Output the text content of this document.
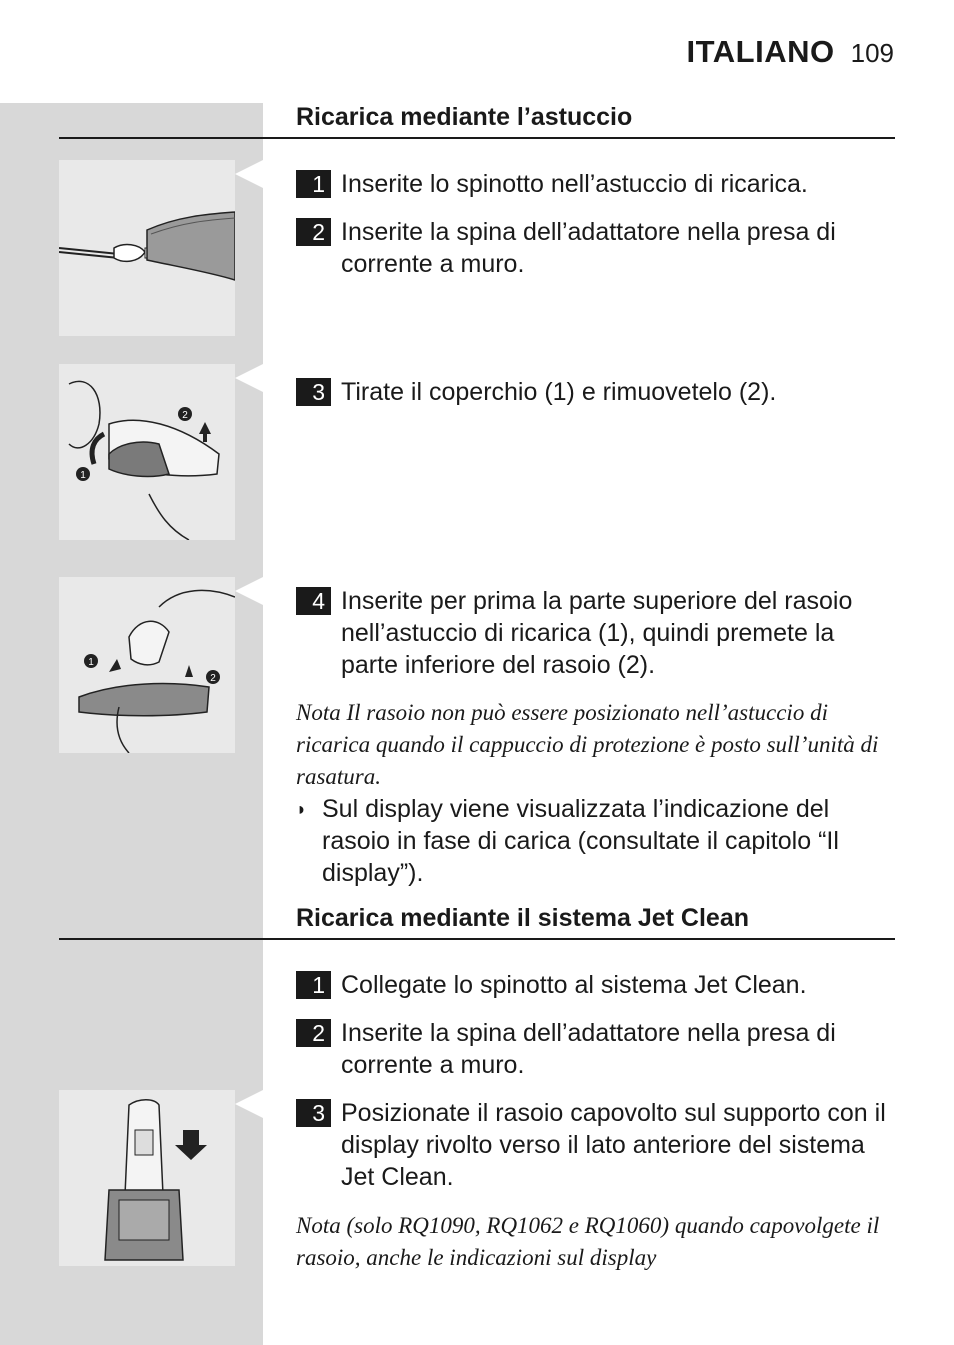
ITALIANO 109
Ricarica mediante l’astuccio
1 Inserite lo spinotto nell’astuccio di ricarica.
2 Inserite la spina dell’adattatore nella presa di corrente a muro.
3 Tirate il coperchio (1) e rimuovetelo (2).
4 Inserite per prima la parte superiore del rasoio nell’astuccio di ricarica (1), quindi premete la parte inferiore del rasoio (2).
Nota Il rasoio non può essere posizionato nell’astuccio di ricarica quando il cappuccio di protezione è posto sull’unità di rasatura.
◗ Sul display viene visualizzata l’indicazione del rasoio in fase di carica (consultate il capitolo “Il display”).
Ricarica mediante il sistema Jet Clean
1 Collegate lo spinotto al sistema Jet Clean.
2 Inserite la spina dell’adattatore nella presa di corrente a muro.
3 Posizionate il rasoio capovolto sul supporto con il display rivolto verso il lato anteriore del sistema Jet Clean.
Nota (solo RQ1090, RQ1062 e RQ1060) quando capovolgete il rasoio, anche le indicazioni sul display
2
1
1
2
